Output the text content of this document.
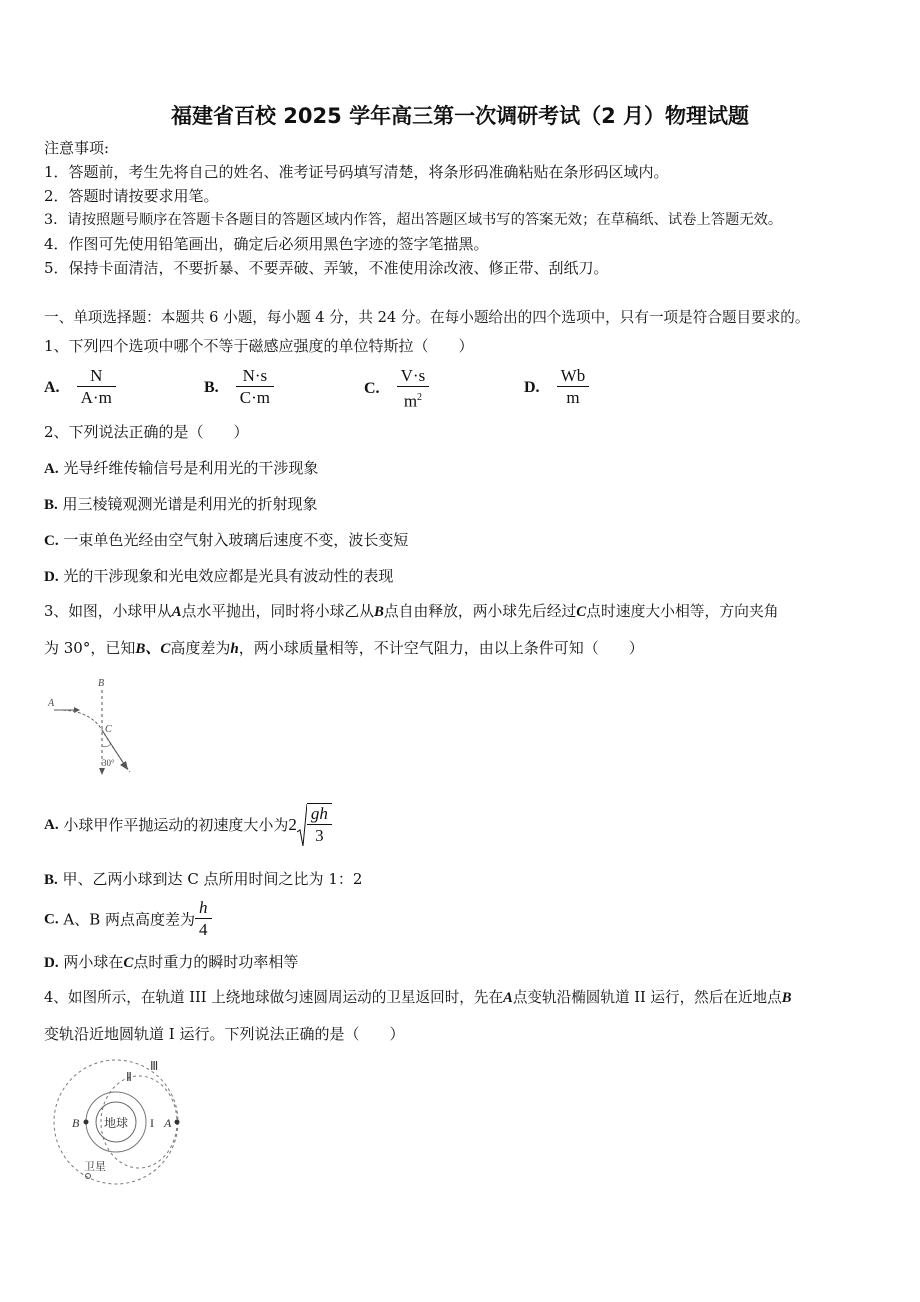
福建省百校 2025 学年高三第一次调研考试（2 月）物理试题
注意事项:
1．答题前，考生先将自己的姓名、准考证号码填写清楚，将条形码准确粘贴在条形码区域内。
2．答题时请按要求用笔。
3．请按照题号顺序在答题卡各题目的答题区域内作答，超出答题区域书写的答案无效；在草稿纸、试卷上答题无效。
4．作图可先使用铅笔画出，确定后必须用黑色字迹的签字笔描黑。
5．保持卡面清洁，不要折暴、不要弄破、弄皱，不准使用涂改液、修正带、刮纸刀。
一、单项选择题：本题共 6 小题，每小题 4 分，共 24 分。在每小题给出的四个选项中，只有一项是符合题目要求的。
1、下列四个选项中哪个不等于磁感应强度的单位特斯拉（　　）
A. $\frac{N}{A\cdot m}$	B. $\frac{N\cdot s}{C\cdot m}$	C. $\frac{V\cdot s}{m^2}$	D. $\frac{Wb}{m}$
2、下列说法正确的是（　　）
A. 光导纤维传输信号是利用光的干涉现象
B. 用三棱镜观测光谱是利用光的折射现象
C. 一束单色光经由空气射入玻璃后速度不变，波长变短
D. 光的干涉现象和光电效应都是光具有波动性的表现
3、如图，小球甲从A点水平抛出，同时将小球乙从B点自由释放，两小球先后经过C点时速度大小相等，方向夹角
为 30°，已知B、C高度差为h，两小球质量相等，不计空气阻力，由以上条件可知（　　）
A
B
C
30°
A. 小球甲作平抛运动的初速度大小为$2 \frac{gh}{3}$
B. 甲、乙两小球到达 C 点所用时间之比为 1：2
C. A、B 两点高度差为 $\frac{h}{4}$
D. 两小球在C点时重力的瞬时功率相等
4、如图所示，在轨道 III 上绕地球做匀速圆周运动的卫星返回时，先在A点变轨沿椭圆轨道 II 运行，然后在近地点B
变轨沿近地圆轨道 I 运行。下列说法正确的是（　　）
地球
B	A
I
Ⅱ
Ⅲ
卫星
